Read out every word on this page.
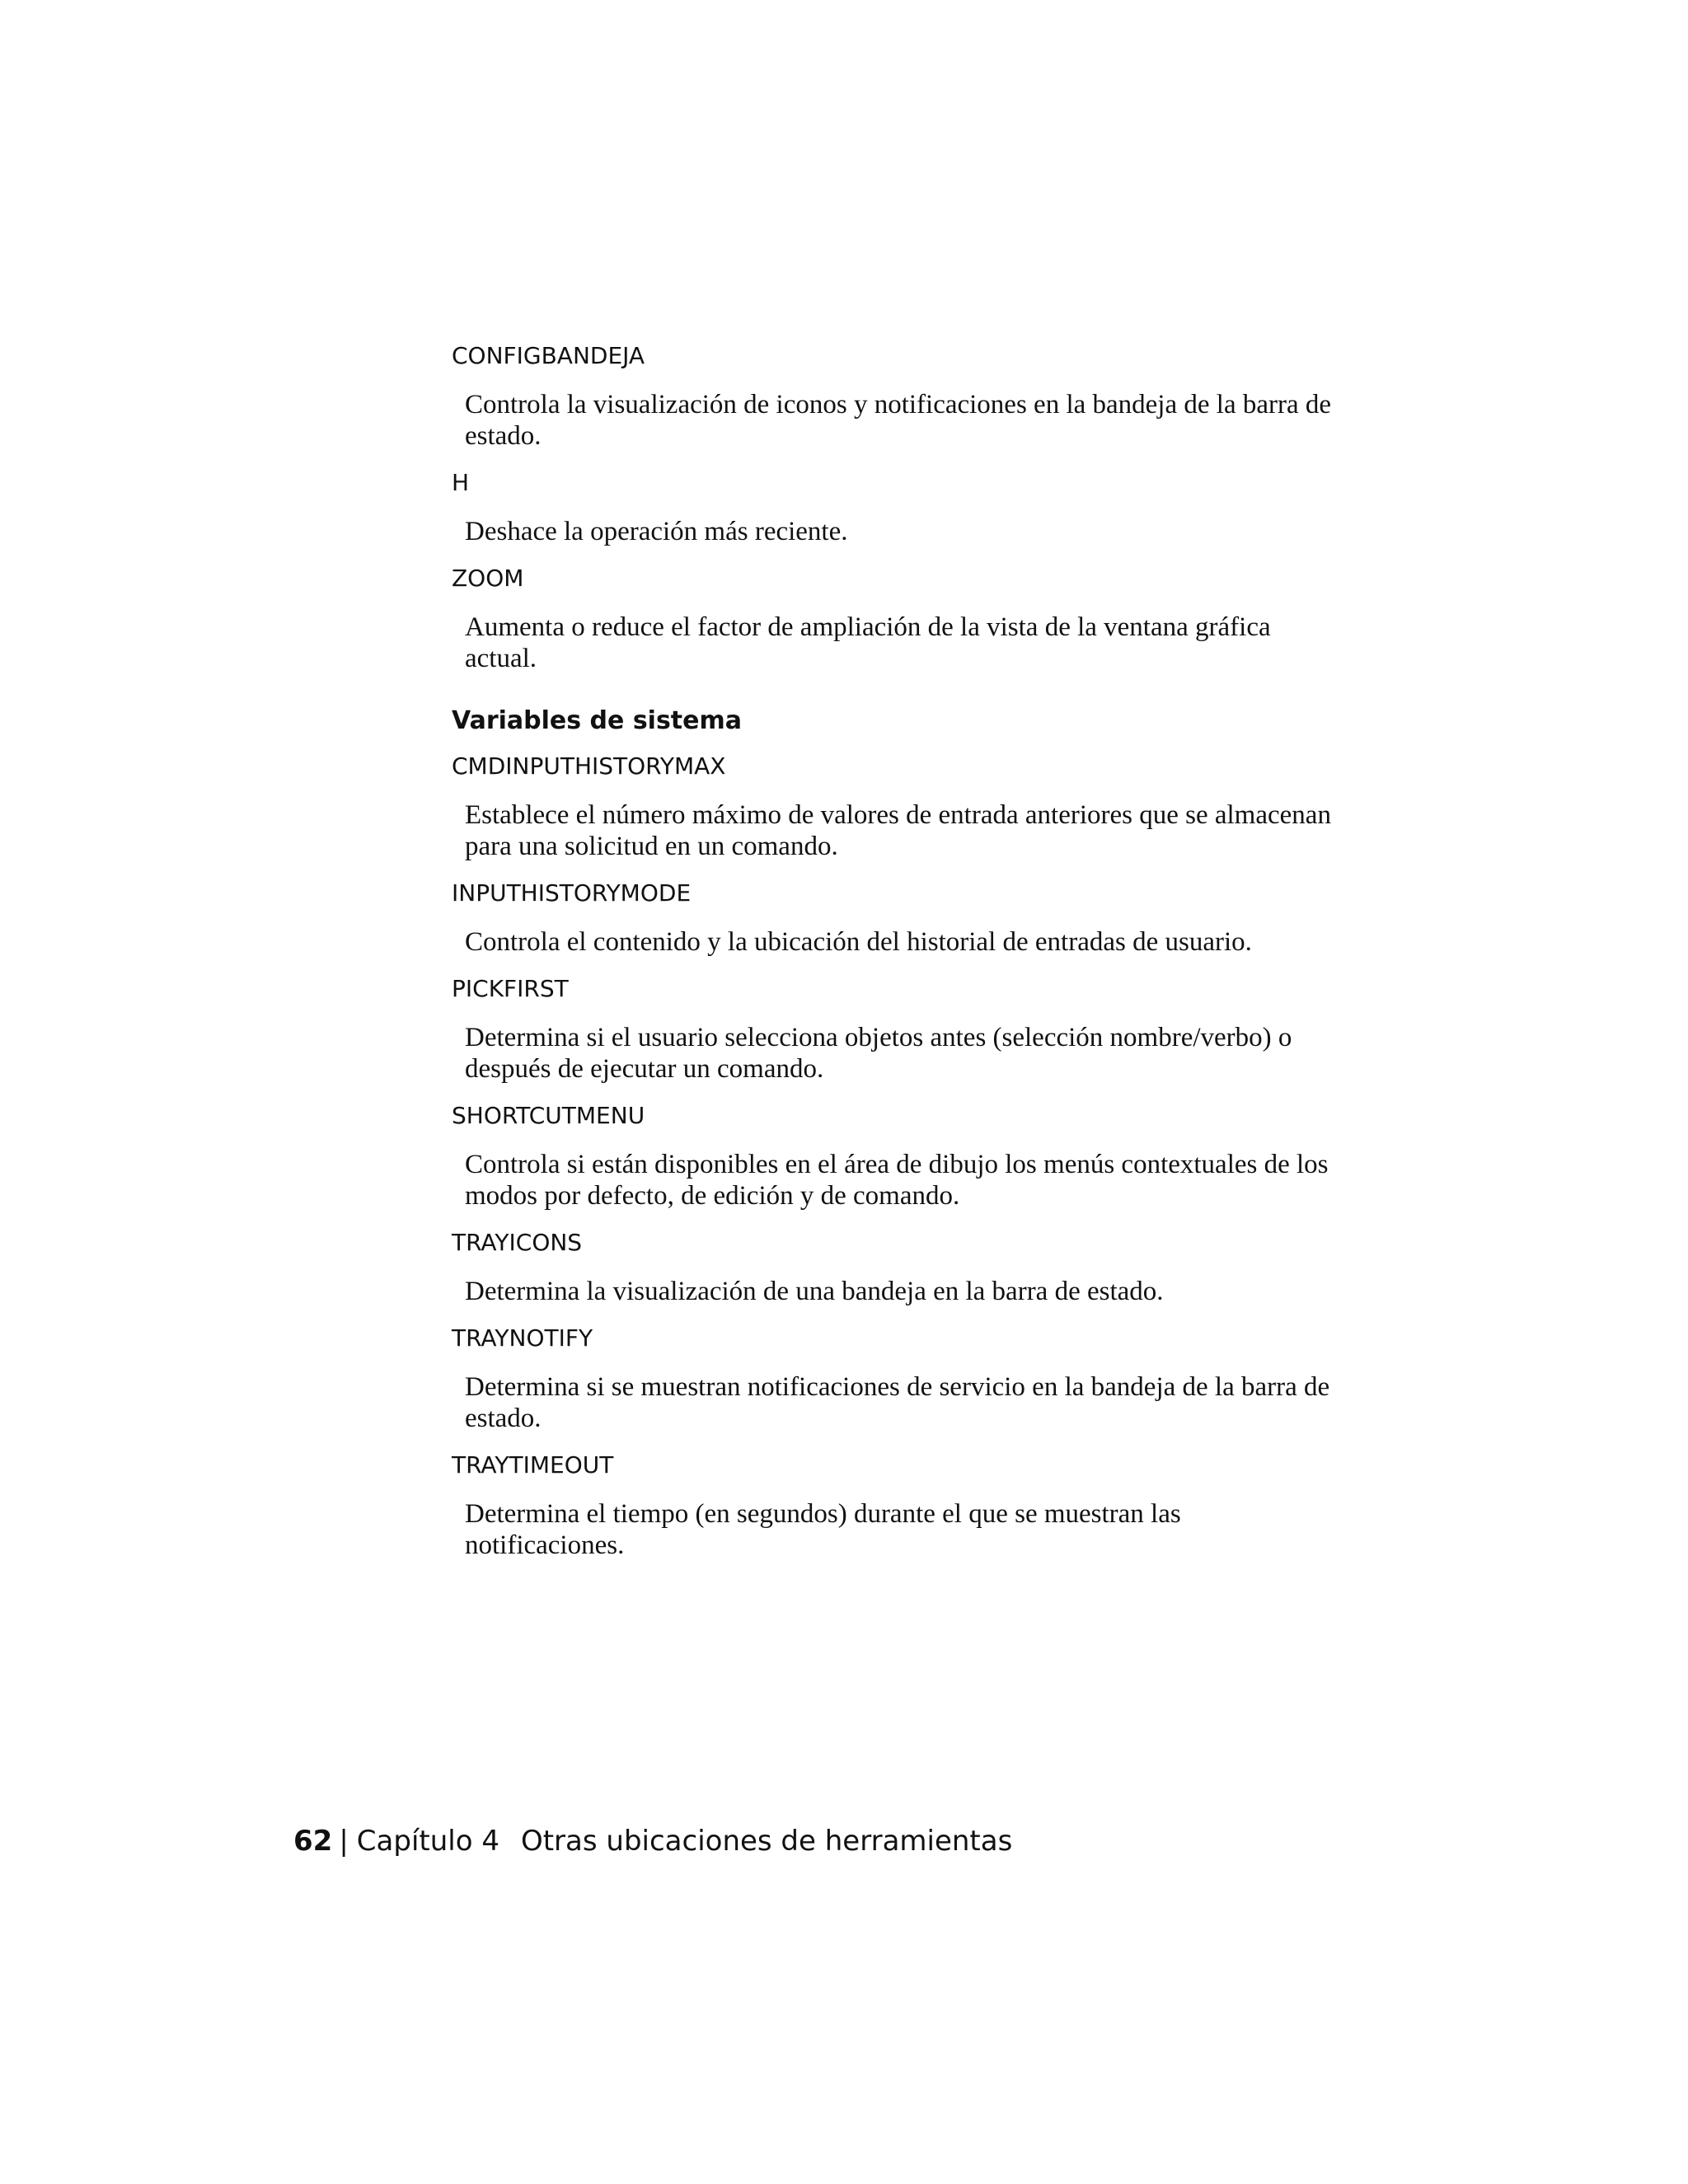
CONFIGBANDEJA

Controla la visualización de iconos y notificaciones en la bandeja de la barra de estado.

H

Deshace la operación más reciente.

ZOOM

Aumenta o reduce el factor de ampliación de la vista de la ventana gráfica actual.

Variables de sistema

CMDINPUTHISTORYMAX

Establece el número máximo de valores de entrada anteriores que se almacenan para una solicitud en un comando.

INPUTHISTORYMODE

Controla el contenido y la ubicación del historial de entradas de usuario.

PICKFIRST

Determina si el usuario selecciona objetos antes (selección nombre/verbo) o después de ejecutar un comando.

SHORTCUTMENU

Controla si están disponibles en el área de dibujo los menús contextuales de los modos por defecto, de edición y de comando.

TRAYICONS

Determina la visualización de una bandeja en la barra de estado.

TRAYNOTIFY

Determina si se muestran notificaciones de servicio en la bandeja de la barra de estado.

TRAYTIMEOUT

Determina el tiempo (en segundos) durante el que se muestran las notificaciones.

62 | Capítulo 4 Otras ubicaciones de herramientas
